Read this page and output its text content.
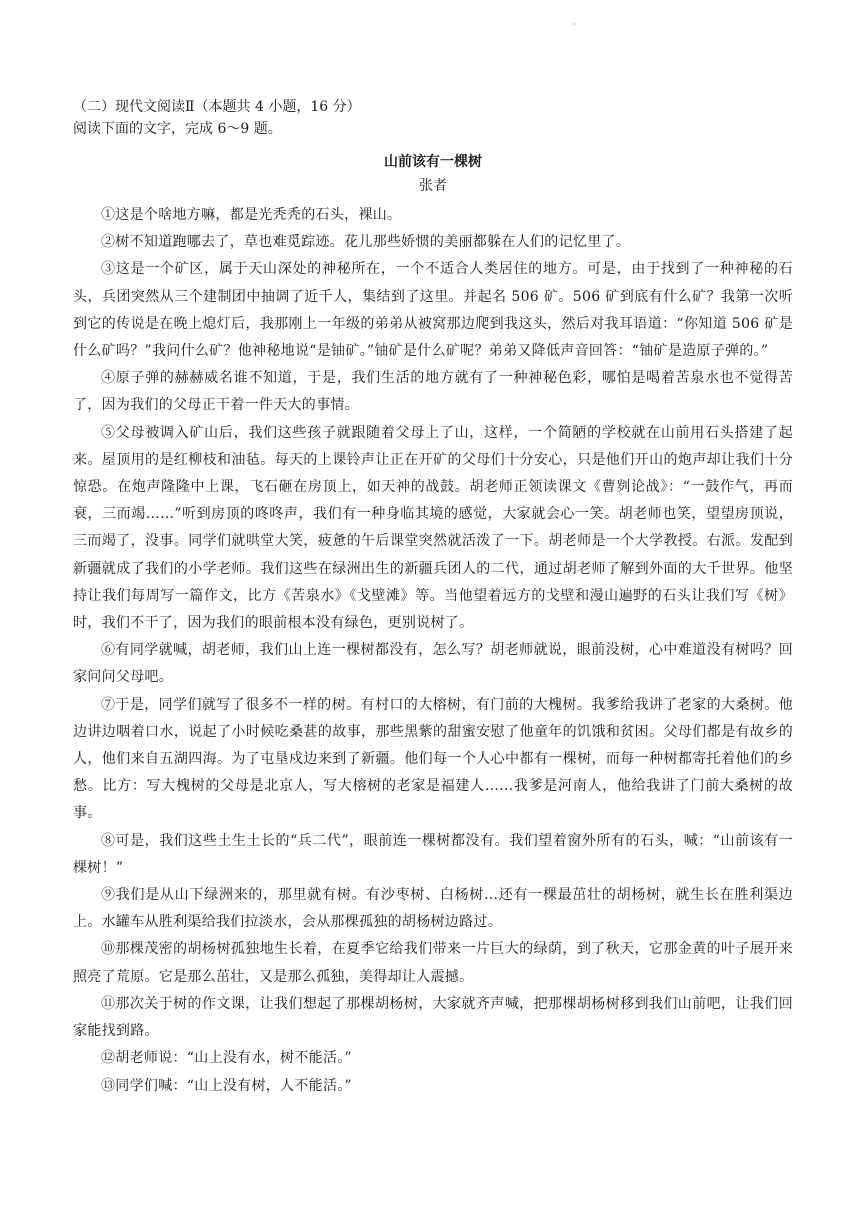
·

（二）现代文阅读Ⅱ（本题共 4 小题，16 分）

阅读下面的文字，完成 6～9 题。

山前该有一棵树
张者

①这是个啥地方嘛，都是光秃秃的石头，裸山。

②树不知道跑哪去了，草也难觅踪迹。花儿那些娇惯的美丽都躲在人们的记忆里了。

③这是一个矿区，属于天山深处的神秘所在，一个不适合人类居住的地方。可是，由于找到了一种神秘的石头，兵团突然从三个建制团中抽调了近千人，集结到了这里。并起名 506 矿。506 矿到底有什么矿？我第一次听到它的传说是在晚上熄灯后，我那刚上一年级的弟弟从被窝那边爬到我这头，然后对我耳语道：“你知道 506 矿是什么矿吗？”我问什么矿？他神秘地说“是铀矿。”铀矿是什么矿呢？弟弟又降低声音回答：“铀矿是造原子弹的。”

④原子弹的赫赫威名谁不知道，于是，我们生活的地方就有了一种神秘色彩，哪怕是喝着苦泉水也不觉得苦了，因为我们的父母正干着一件天大的事情。

⑤父母被调入矿山后，我们这些孩子就跟随着父母上了山，这样，一个简陋的学校就在山前用石头搭建了起来。屋顶用的是红柳枝和油毡。每天的上课铃声让正在开矿的父母们十分安心，只是他们开山的炮声却让我们十分惊恐。在炮声隆隆中上课，飞石砸在房顶上，如天神的战鼓。胡老师正领读课文《曹刿论战》：“一鼓作气，再而衰，三而竭……”听到房顶的咚咚声，我们有一种身临其境的感觉，大家就会心一笑。胡老师也笑，望望房顶说，三而竭了，没事。同学们就哄堂大笑，疲惫的午后课堂突然就活泼了一下。胡老师是一个大学教授。右派。发配到新疆就成了我们的小学老师。我们这些在绿洲出生的新疆兵团人的二代，通过胡老师了解到外面的大千世界。他坚持让我们每周写一篇作文，比方《苦泉水》《戈壁滩》等。当他望着远方的戈壁和漫山遍野的石头让我们写《树》时，我们不干了，因为我们的眼前根本没有绿色，更别说树了。

⑥有同学就喊，胡老师，我们山上连一棵树都没有，怎么写？胡老师就说，眼前没树，心中难道没有树吗？回家问问父母吧。

⑦于是，同学们就写了很多不一样的树。有村口的大榕树，有门前的大槐树。我爹给我讲了老家的大桑树。他边讲边咽着口水，说起了小时候吃桑葚的故事，那些黑紫的甜蜜安慰了他童年的饥饿和贫困。父母们都是有故乡的人，他们来自五湖四海。为了屯垦戍边来到了新疆。他们每一个人心中都有一棵树，而每一种树都寄托着他们的乡愁。比方：写大槐树的父母是北京人，写大榕树的老家是福建人……我爹是河南人，他给我讲了门前大桑树的故事。

⑧可是，我们这些土生土长的“兵二代”，眼前连一棵树都没有。我们望着窗外所有的石头，喊：“山前该有一棵树！”

⑨我们是从山下绿洲来的，那里就有树。有沙枣树、白杨树…还有一棵最茁壮的胡杨树，就生长在胜利渠边上。水罐车从胜利渠给我们拉淡水，会从那棵孤独的胡杨树边路过。

⑩那棵茂密的胡杨树孤独地生长着，在夏季它给我们带来一片巨大的绿荫，到了秋天，它那金黄的叶子展开来照亮了荒原。它是那么茁壮，又是那么孤独，美得却让人震撼。

⑪那次关于树的作文课，让我们想起了那棵胡杨树，大家就齐声喊，把那棵胡杨树移到我们山前吧，让我们回家能找到路。

⑫胡老师说：“山上没有水，树不能活。”

⑬同学们喊：“山上没有树，人不能活。”
